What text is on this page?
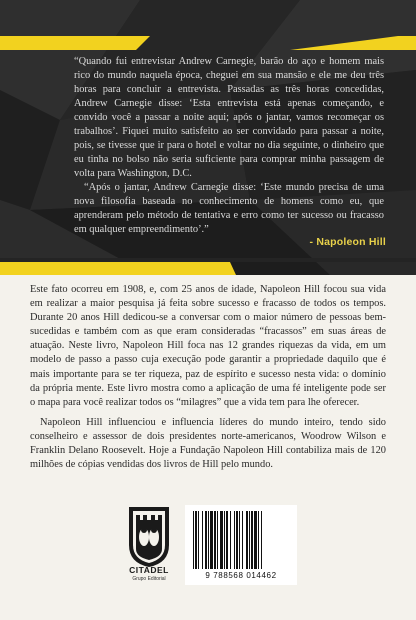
“Quando fui entrevistar Andrew Carnegie, barão do aço e homem mais rico do mundo naquela época, cheguei em sua mansão e ele me deu três horas para concluir a entrevista. Passadas as três horas concedidas, Andrew Carnegie disse: ‘Esta entrevista está apenas começando, e convido você a passar a noite aqui; após o jantar, vamos recomeçar os trabalhos’. Fiquei muito satisfeito ao ser convidado para passar a noite, pois, se tivesse que ir para o hotel e voltar no dia seguinte, o dinheiro que eu tinha no bolso não seria suficiente para comprar minha passagem de volta para Washington, D.C.

“Após o jantar, Andrew Carnegie disse: ‘Este mundo precisa de uma nova filosofia baseada no conhecimento de homens como eu, que aprenderam pelo método de tentativa e erro como ter sucesso ou fracasso em qualquer empreendimento’.”

- Napoleon Hill

Este fato ocorreu em 1908, e, com 25 anos de idade, Napoleon Hill focou sua vida em realizar a maior pesquisa já feita sobre sucesso e fracasso de todos os tempos. Durante 20 anos Hill dedicou-se a conversar com o maior número de pessoas bem-sucedidas e também com as que eram consideradas “fracassos” em suas áreas de atuação. Neste livro, Napoleon Hill foca nas 12 grandes riquezas da vida, em um modelo de passo a passo cuja execução pode garantir a propriedade daquilo que é mais importante para se ter riqueza, paz de espírito e sucesso nesta vida: o domínio da própria mente. Este livro mostra como a aplicação de uma fé inteligente pode ser o mapa para você realizar todos os “milagres” que a vida tem para lhe oferecer.

Napoleon Hill influenciou e influencia líderes do mundo inteiro, tendo sido conselheiro e assessor de dois presidentes norte-americanos, Woodrow Wilson e Franklin Delano Roosevelt. Hoje a Fundação Napoleon Hill contabiliza mais de 120 milhões de cópias vendidas dos livros de Hill pelo mundo.

CITADEL
Grupo Editorial	9 788568 014462
